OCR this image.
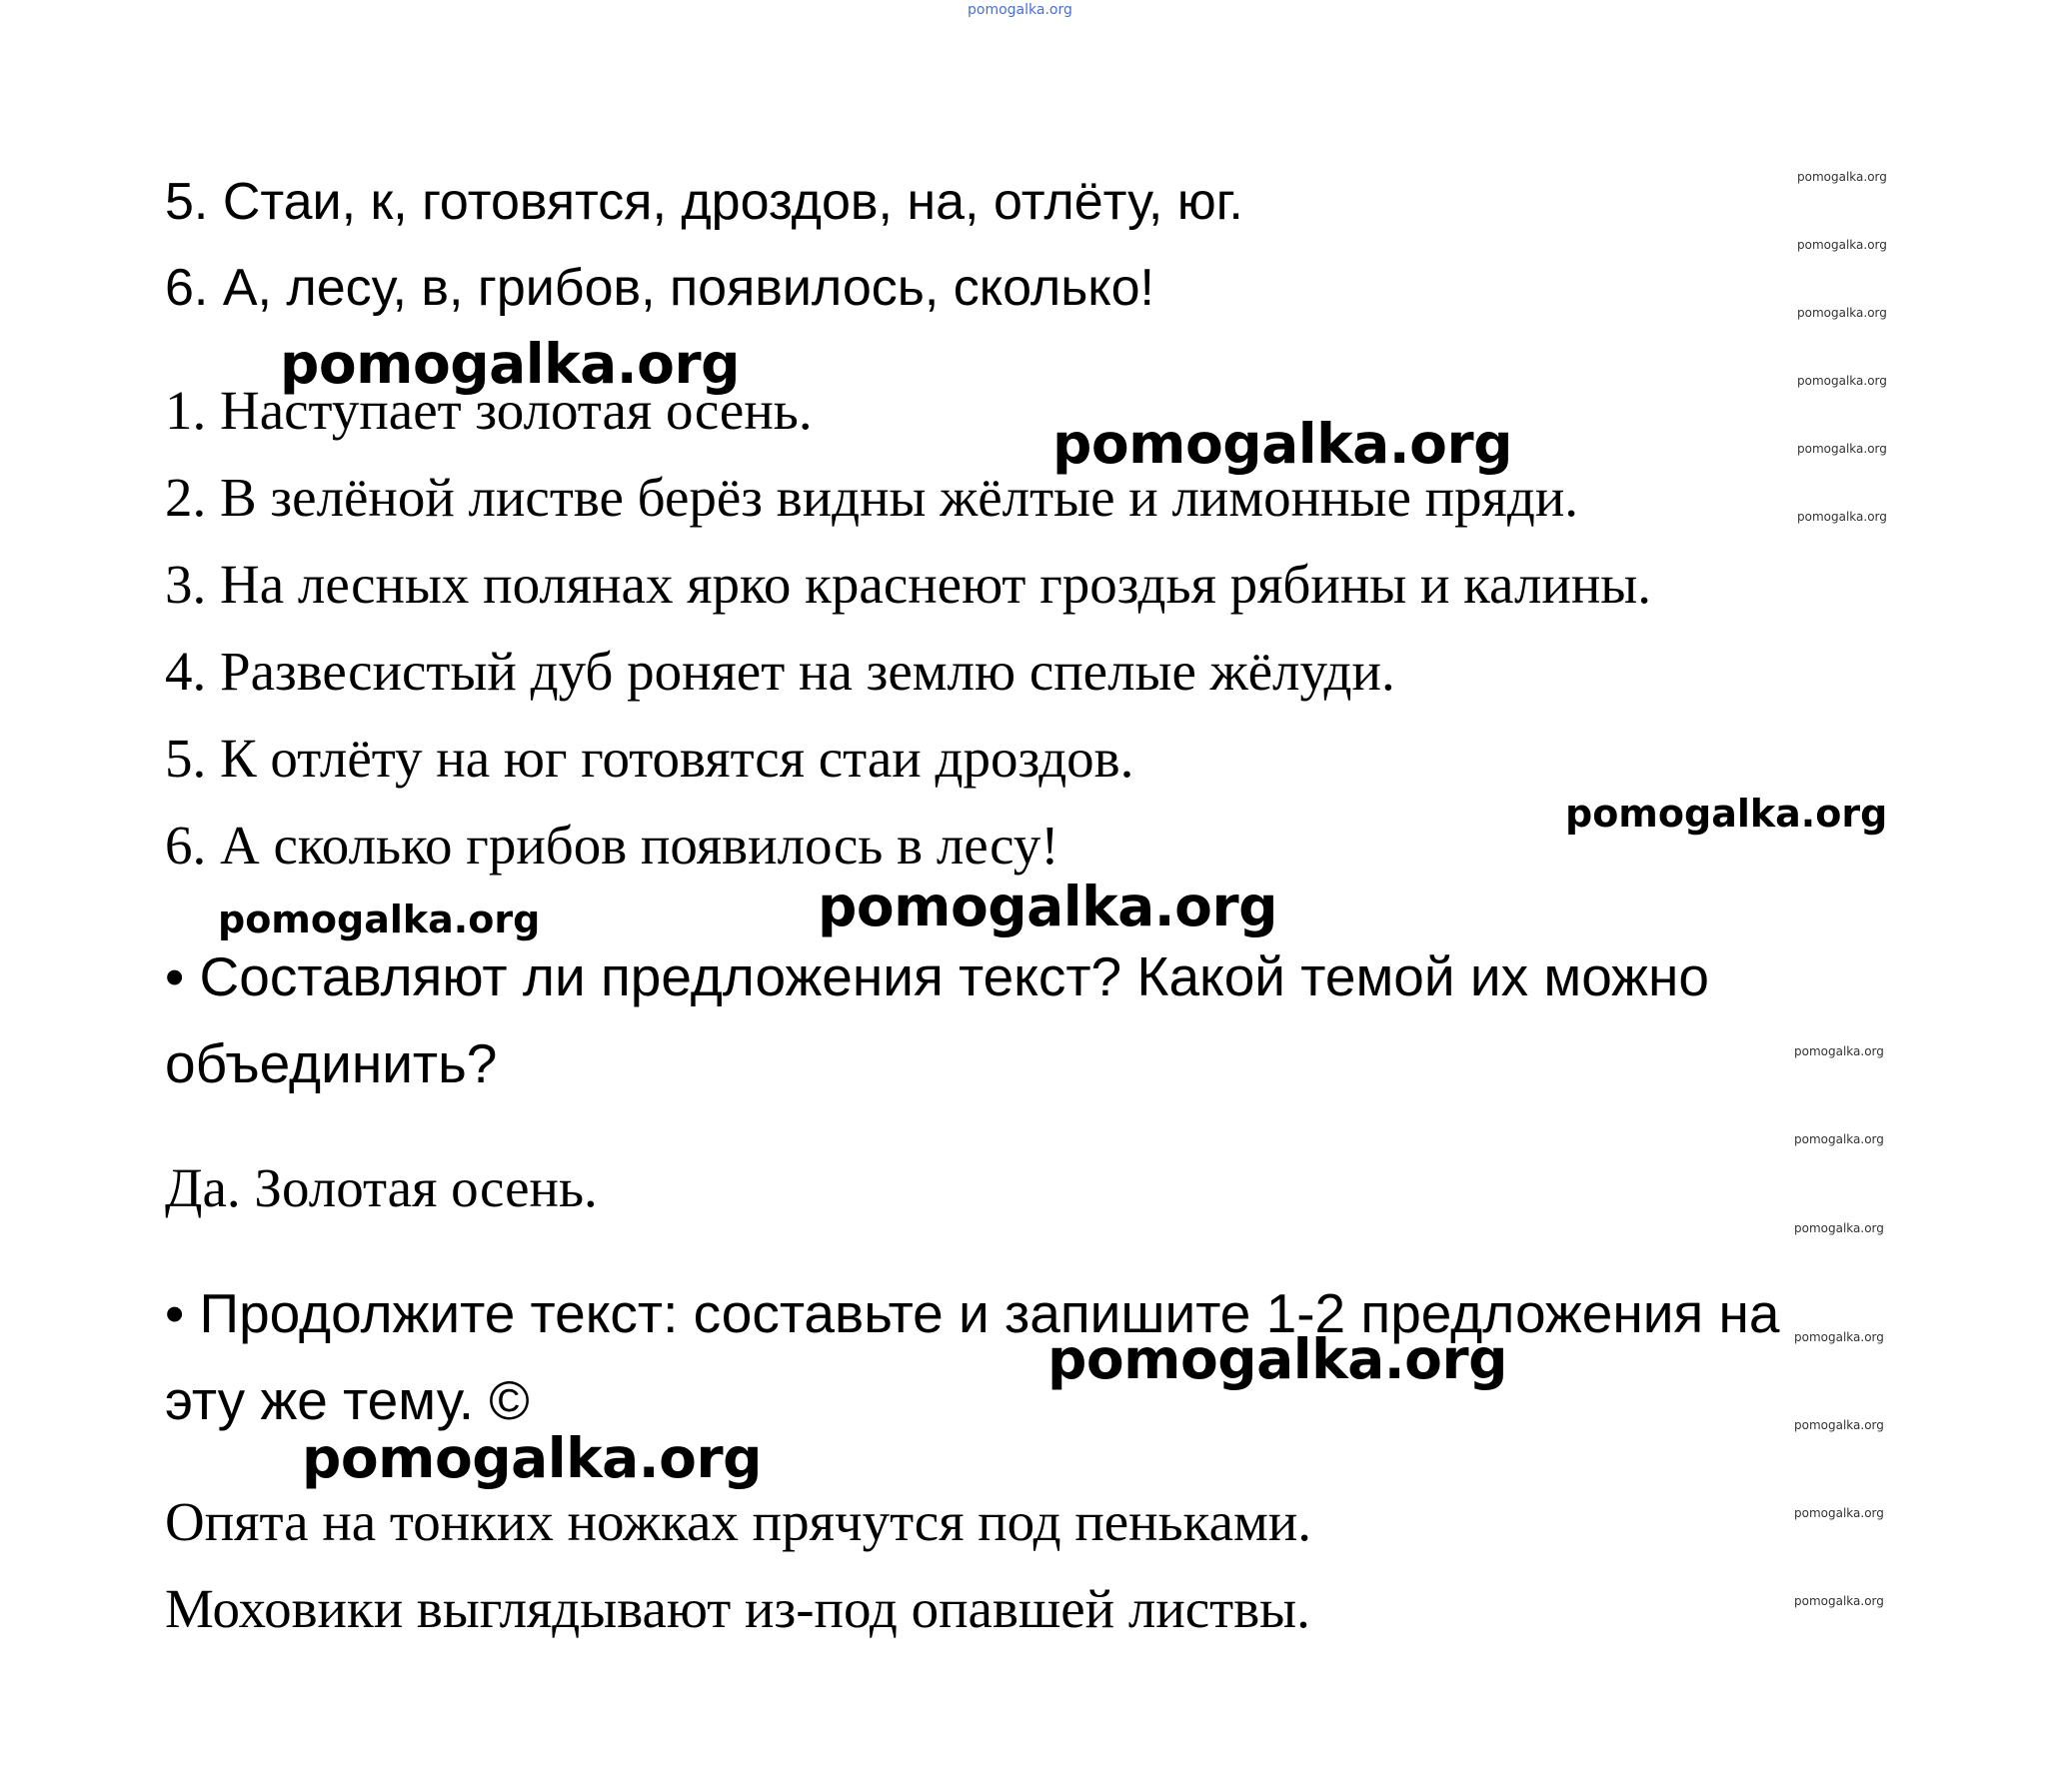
pomogalka.org

5. Стаи, к, готовятся, дроздов, на, отлёту, юг.

6. А, лесу, в, грибов, появилось, сколько!

1. Наступает золотая осень.

2. В зелёной листве берёз видны жёлтые и лимонные пряди.

3. На лесных полянах ярко краснеют гроздья рябины и калины.

4. Развесистый дуб роняет на землю спелые жёлуди.

5. К отлёту на юг готовятся стаи дроздов.

6. А сколько грибов появилось в лесу!

• Составляют ли предложения текст? Какой темой их можно

объединить?

Да. Золотая осень.

• Продолжите текст: составьте и запишите 1-2 предложения на

эту же тему. ©

Опята на тонких ножках прячутся под пеньками.

Моховики выглядывают из-под опавшей листвы.

pomogalka.org
pomogalka.org
pomogalka.org
pomogalka.org
pomogalka.org
pomogalka.org
pomogalka.org
pomogalka.org
pomogalka.org
pomogalka.org
pomogalka.org
pomogalka.org
pomogalka.org
pomogalka.org
pomogalka.org
pomogalka.org
pomogalka.org
pomogalka.org
pomogalka.org
pomogalka.org
